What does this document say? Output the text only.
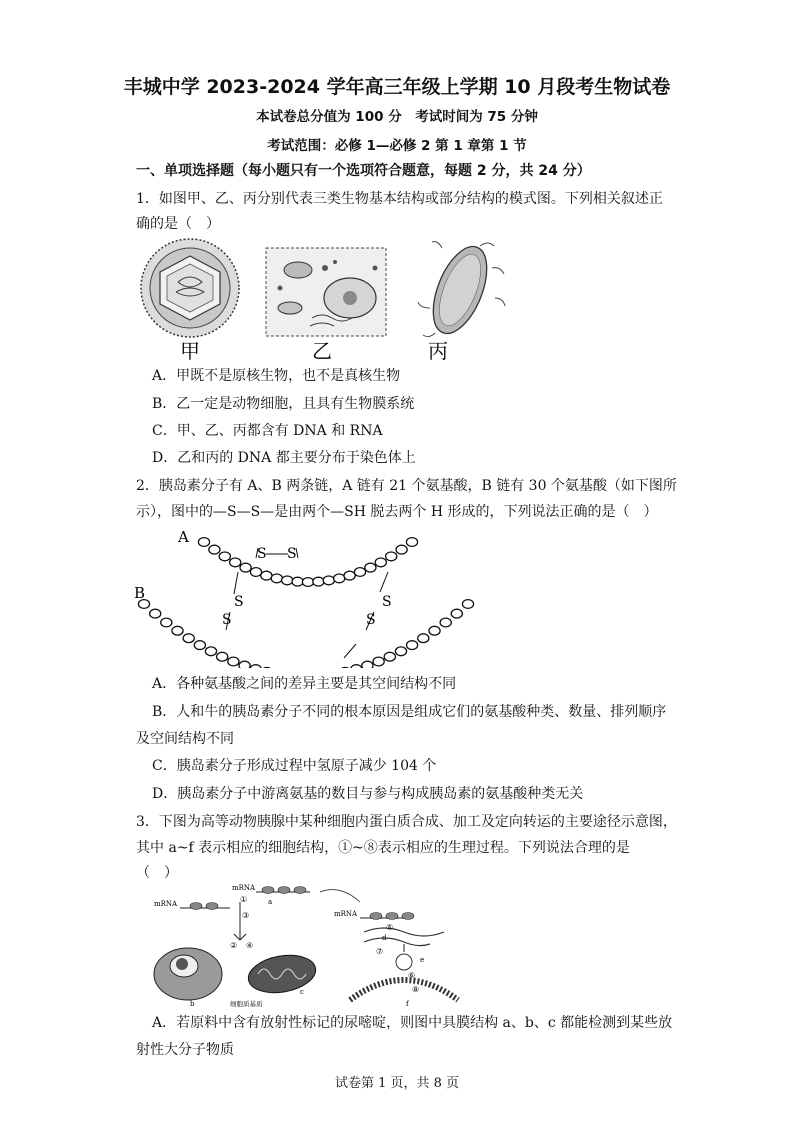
丰城中学 2023-2024 学年高三年级上学期 10 月段考生物试卷
本试卷总分值为 100 分　考试时间为 75 分钟
考试范围：必修 1—必修 2 第 1 章第 1 节
一、单项选择题（每小题只有一个选项符合题意，每题 2 分，共 24 分）
1．如图甲、乙、丙分别代表三类生物基本结构或部分结构的模式图。下列相关叙述正
确的是（　）
甲	乙	丙
A．甲既不是原核生物，也不是真核生物
B．乙一定是动物细胞，且具有生物膜系统
C．甲、乙、丙都含有 DNA 和 RNA
D．乙和丙的 DNA 都主要分布于染色体上
2．胰岛素分子有 A、B 两条链，A 链有 21 个氨基酸，B 链有 30 个氨基酸（如下图所
示），图中的—S—S—是由两个—SH 脱去两个 H 形成的，下列说法正确的是（　）
A
B
S S
S
S
S
S
A．各种氨基酸之间的差异主要是其空间结构不同
B．人和牛的胰岛素分子不同的根本原因是组成它们的氨基酸种类、数量、排列顺序
及空间结构不同
C．胰岛素分子形成过程中氢原子减少 104 个
D．胰岛素分子中游离氨基的数目与参与构成胰岛素的氨基酸种类无关
3．下图为高等动物胰腺中某种细胞内蛋白质合成、加工及定向转运的主要途径示意图，
其中 a~f 表示相应的细胞结构，①~⑧表示相应的生理过程。下列说法合理的是
（　）
a
b
c
d
e
f
mRNA
mRNA
mRNA
①
②
③
④
⑤
⑥
⑦
⑧
细胞质基质
A．若原料中含有放射性标记的尿嘧啶，则图中具膜结构 a、b、c 都能检测到某些放
射性大分子物质
试卷第 1 页，共 8 页
